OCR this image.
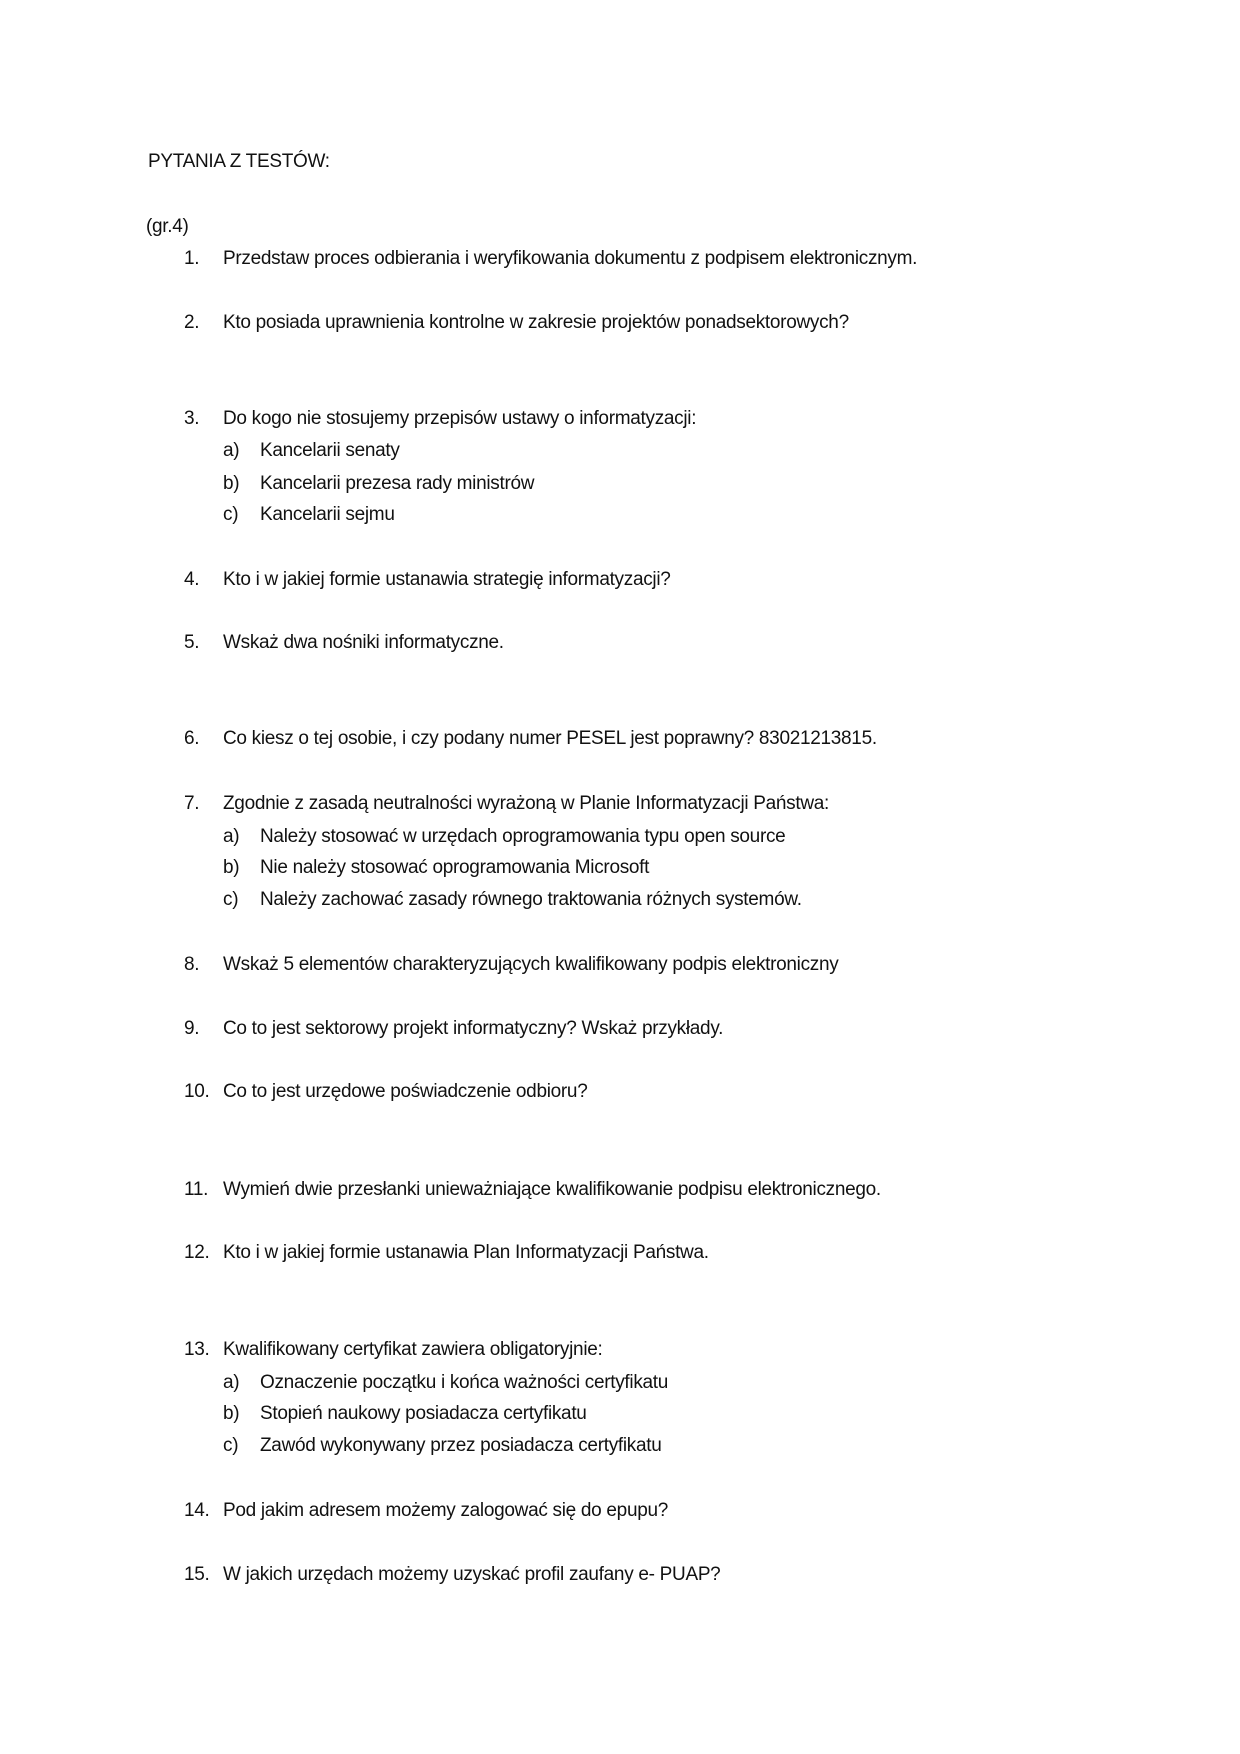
PYTANIA Z TESTÓW:
(gr.4)
1. Przedstaw proces odbierania i weryfikowania dokumentu z podpisem elektronicznym.
2. Kto posiada uprawnienia kontrolne w zakresie projektów ponadsektorowych?
3. Do kogo nie stosujemy przepisów ustawy o informatyzacji:
a) Kancelarii senaty
b) Kancelarii prezesa rady ministrów
c) Kancelarii sejmu
4. Kto i w jakiej formie ustanawia strategię informatyzacji?
5. Wskaż dwa nośniki informatyczne.
6. Co kiesz o tej osobie, i czy podany numer PESEL jest poprawny? 83021213815.
7. Zgodnie z zasadą neutralności wyrażoną w Planie Informatyzacji Państwa:
a) Należy stosować w urzędach oprogramowania typu open source
b) Nie należy stosować oprogramowania Microsoft
c) Należy zachować zasady równego traktowania różnych systemów.
8. Wskaż 5 elementów charakteryzujących kwalifikowany podpis elektroniczny
9. Co to jest sektorowy projekt informatyczny? Wskaż przykłady.
10. Co to jest urzędowe poświadczenie odbioru?
11. Wymień dwie przesłanki unieważniające kwalifikowanie podpisu elektronicznego.
12. Kto i w jakiej formie ustanawia Plan Informatyzacji Państwa.
13. Kwalifikowany certyfikat zawiera obligatoryjnie:
a) Oznaczenie początku i końca ważności certyfikatu
b) Stopień naukowy posiadacza certyfikatu
c) Zawód wykonywany przez posiadacza certyfikatu
14. Pod jakim adresem możemy zalogować się do epupu?
15. W jakich urzędach możemy uzyskać profil zaufany e- PUAP?
